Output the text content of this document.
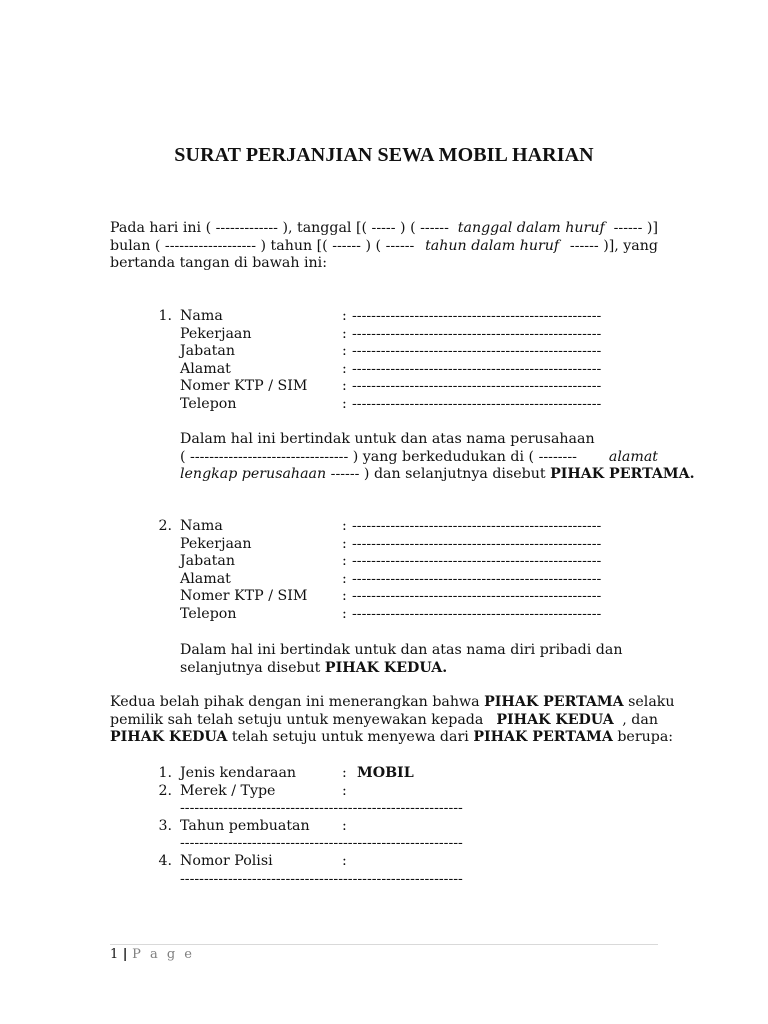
SURAT PERJANJIAN SEWA MOBIL HARIAN
Pada hari ini ( ------------- ), tanggal [( ----- ) ( ------ tanggal dalam huruf ------ )]
bulan ( ------------------- ) tahun [( ------ ) ( ------ tahun dalam huruf ------ )], yang
bertanda tangan di bawah ini:
1. Nama	: ----------------------------------------------------
Pekerjaan	: ----------------------------------------------------
Jabatan	: ----------------------------------------------------
Alamat	: ----------------------------------------------------
Nomer KTP / SIM : ----------------------------------------------------
Telepon	: ----------------------------------------------------
Dalam hal ini bertindak untuk dan atas nama perusahaan
( --------------------------------- ) yang berkedudukan di ( -------- alamat
lengkap perusahaan ------ ) dan selanjutnya disebut PIHAK PERTAMA.
2. Nama	: ----------------------------------------------------
Pekerjaan	: ----------------------------------------------------
Jabatan	: ----------------------------------------------------
Alamat	: ----------------------------------------------------
Nomer KTP / SIM : ----------------------------------------------------
Telepon	: ----------------------------------------------------
Dalam hal ini bertindak untuk dan atas nama diri pribadi dan
selanjutnya disebut PIHAK KEDUA.
Kedua belah pihak dengan ini menerangkan bahwa PIHAK PERTAMA selaku
pemilik sah telah setuju untuk menyewakan kepada PIHAK KEDUA , dan
PIHAK KEDUA telah setuju untuk menyewa dari PIHAK PERTAMA berupa:
1. Jenis kendaraan	: MOBIL
2. Merek / Type	:
-----------------------------------------------------------
3. Tahun pembuatan :
-----------------------------------------------------------
4. Nomor Polisi	:
-----------------------------------------------------------
1 | P a g e
